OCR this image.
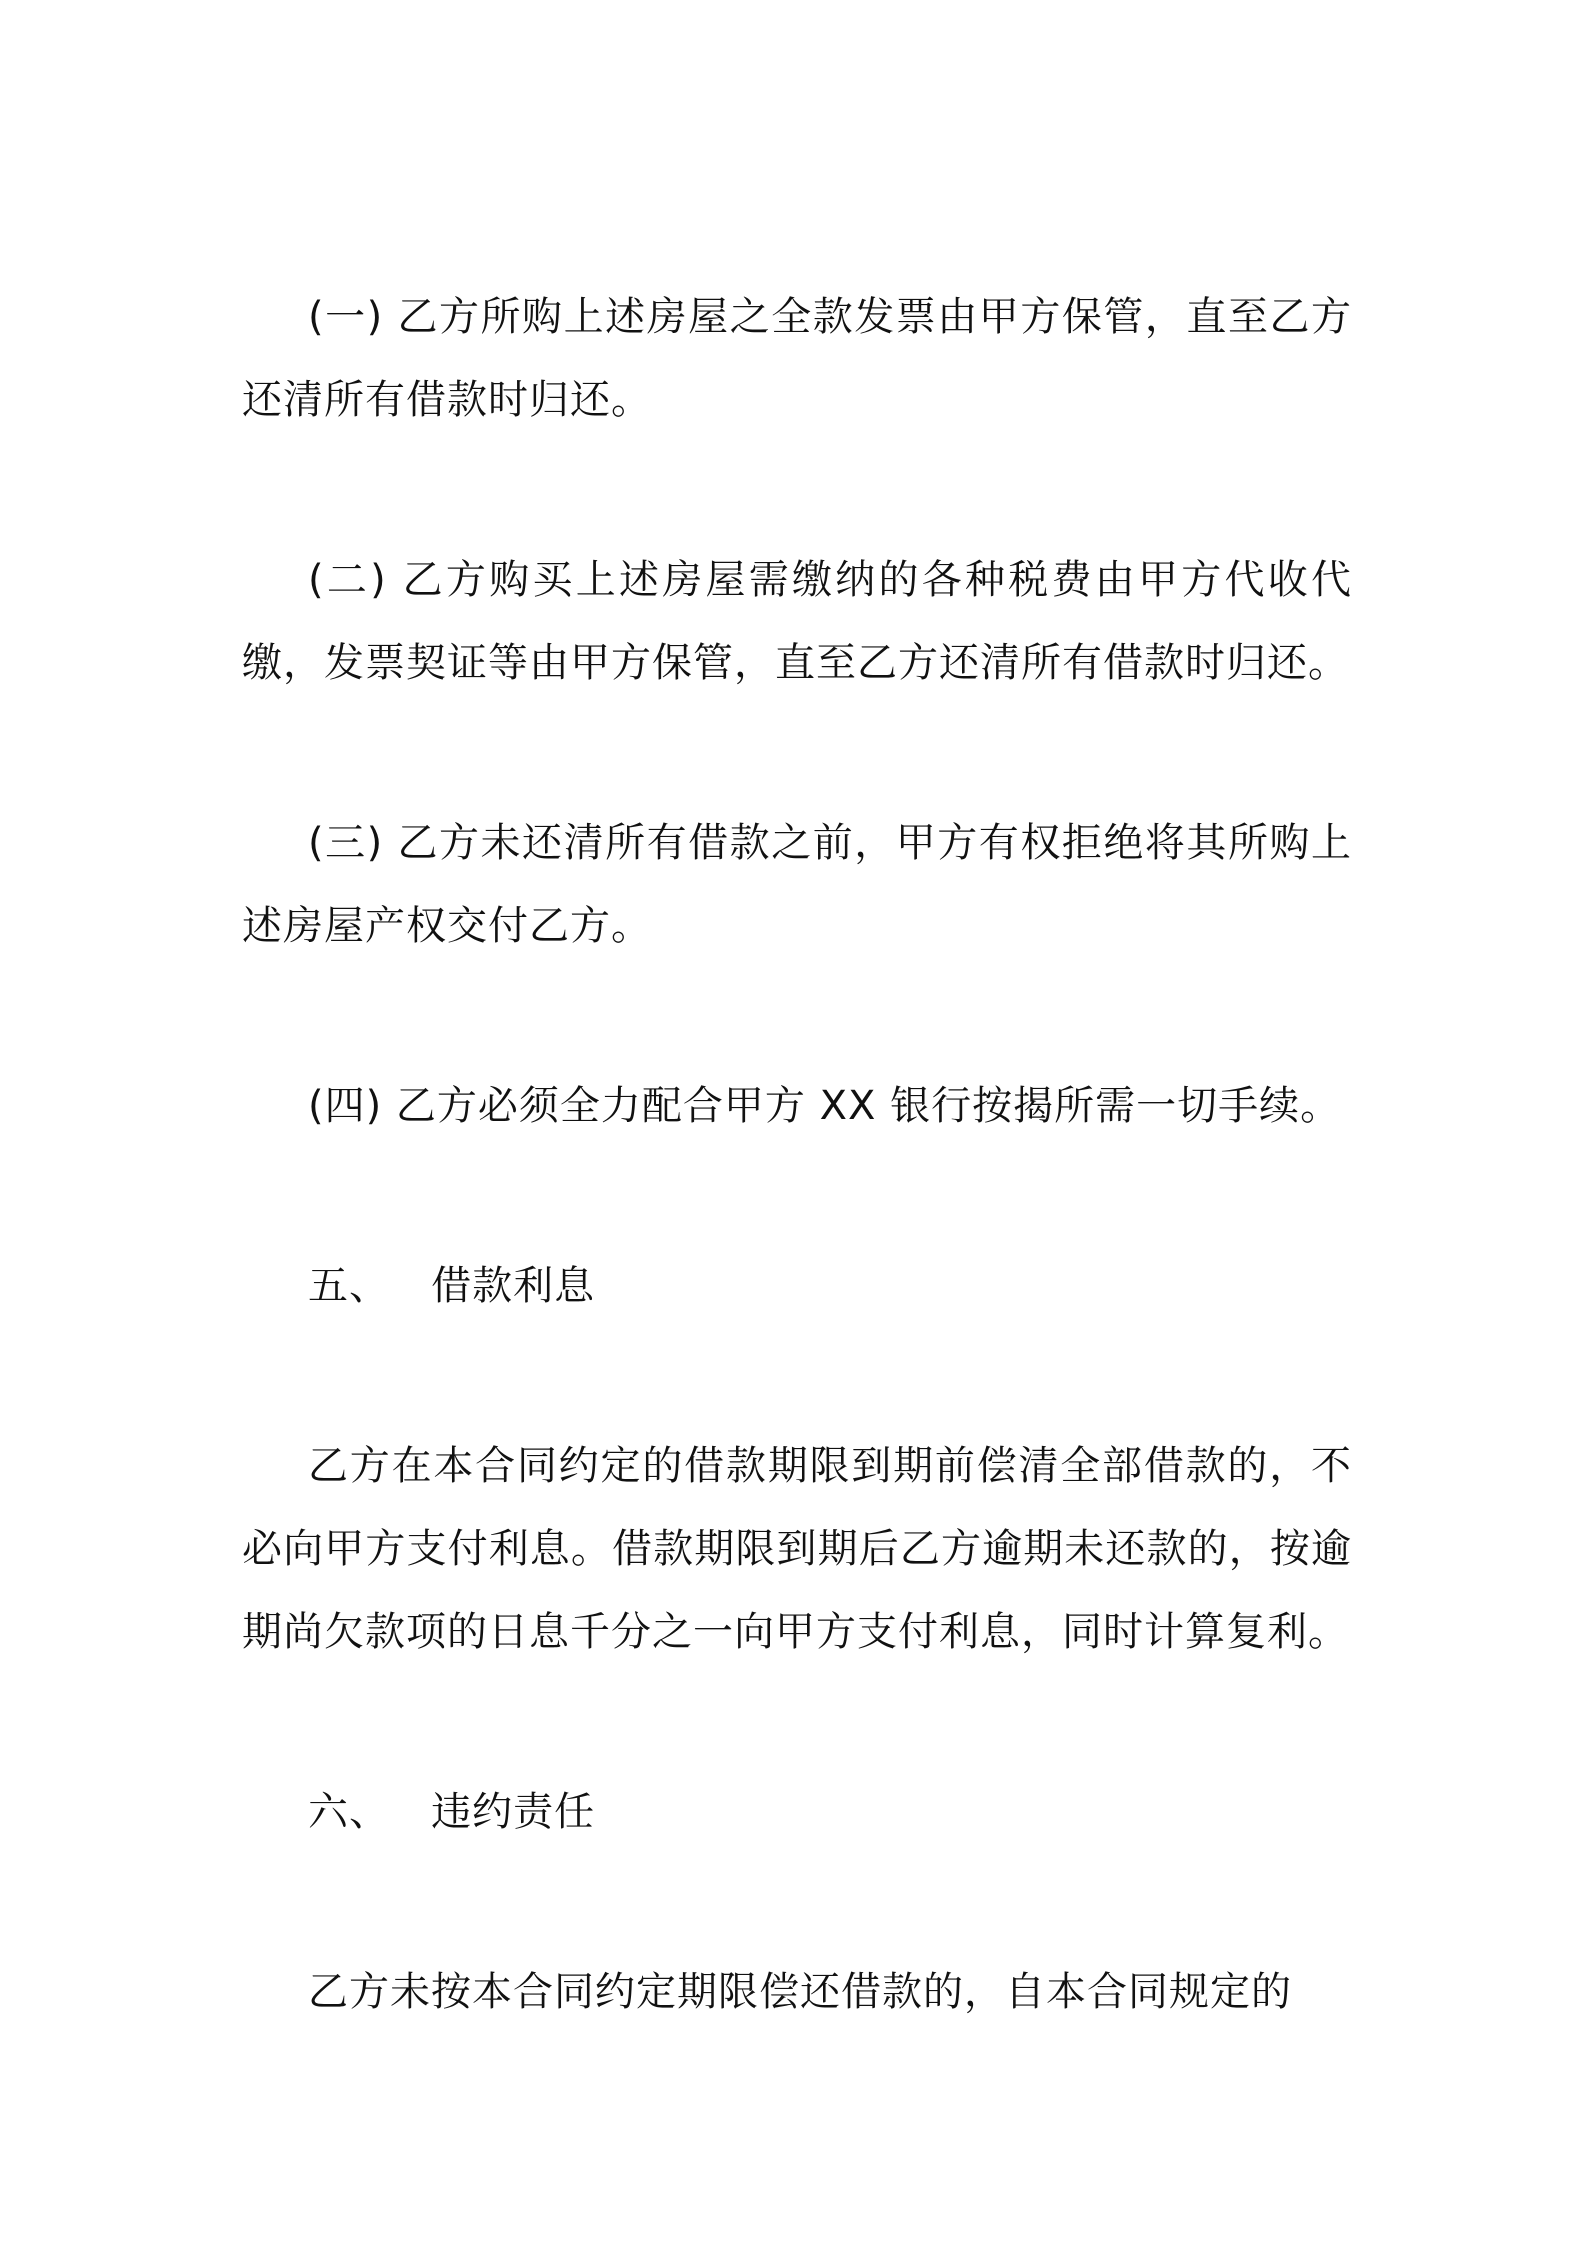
(一) 乙方所购上述房屋之全款发票由甲方保管，直至乙方还清所有借款时归还。

(二) 乙方购买上述房屋需缴纳的各种税费由甲方代收代缴，发票契证等由甲方保管，直至乙方还清所有借款时归还。

(三) 乙方未还清所有借款之前，甲方有权拒绝将其所购上述房屋产权交付乙方。

(四) 乙方必须全力配合甲方 XX 银行按揭所需一切手续。

五、 借款利息

乙方在本合同约定的借款期限到期前偿清全部借款的，不必向甲方支付利息。借款期限到期后乙方逾期未还款的，按逾期尚欠款项的日息千分之一向甲方支付利息，同时计算复利。

六、 违约责任

乙方未按本合同约定期限偿还借款的，自本合同规定的
